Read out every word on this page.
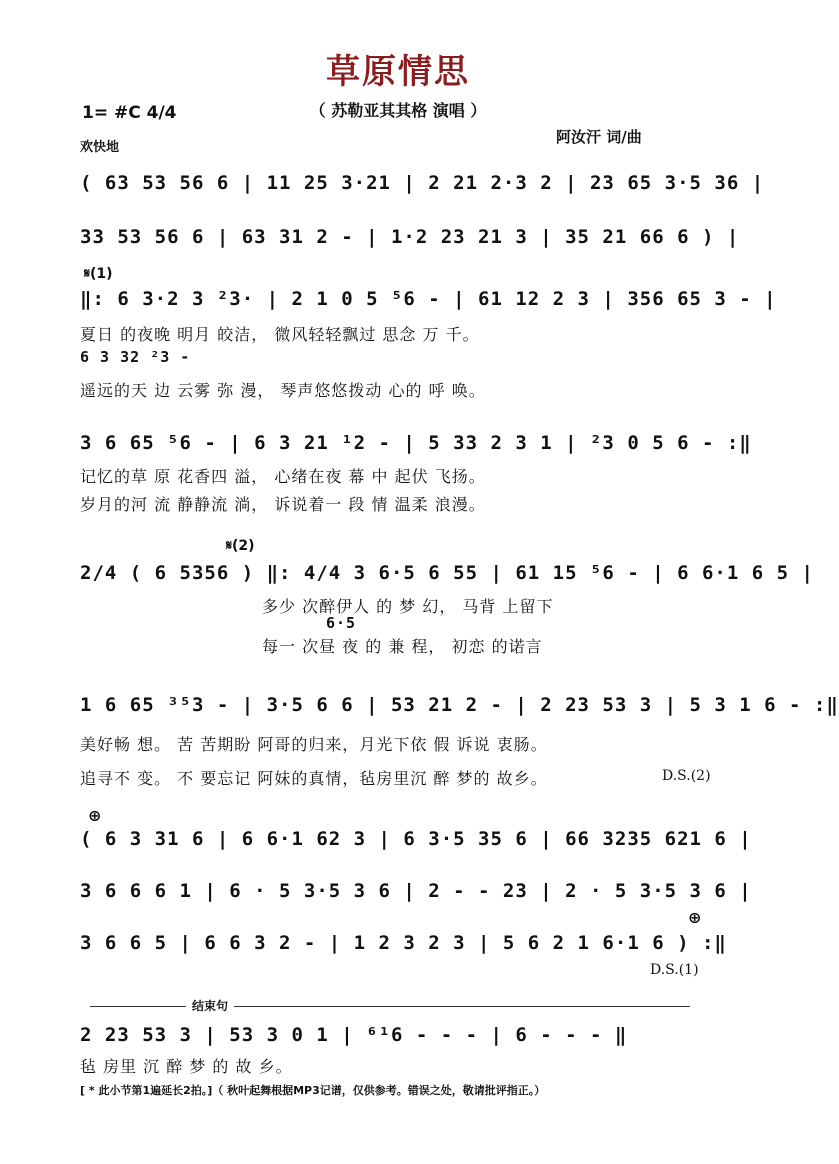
草原情思
（ 苏勒亚其其格 演唱 ）
1= #C 4/4
欢快地
阿汝汗 词/曲
( 63 53 56 6 | 11 25 3·21 | 2 21 2·3 2 | 23 65 3·5 36 |
33 53 56 6 | 63 31 2 - | 1·2 23 21 3 | 35 21 66 6 ) |
𝄋(1)
‖: 6 3·2 3 ²3· | 2 1 0 5 ⁵6 - | 61 12 2 3 | 356 65 3 - |
夏日 的夜晚 明月 皎洁， 微风轻轻飘过 思念 万 千。
6 3 32 ²3 -
遥远的天 边 云雾 弥 漫， 琴声悠悠拨动 心的 呼 唤。
3 6 65 ⁵6 - | 6 3 21 ¹2 - | 5 33 2 3 1 | ²3 0 5 6 - :‖
记忆的草 原 花香四 溢， 心绪在夜 幕 中 起伏 飞扬。
岁月的河 流 静静流 淌， 诉说着一 段 情 温柔 浪漫。
𝄋(2)
2/4 ( 6 5356 ) ‖: 4/4 3 6·5 6 55 | 61 15 ⁵6 - | 6 6·1 6 5 |
多少 次醉伊人 的 梦 幻， 马背 上留下
6·5
每一 次昼 夜 的 兼 程， 初恋 的诺言
1 6 65 ³⁵3 - | 3·5 6 6 | 53 21 2 - | 2 23 53 3 | 5 3 1 6 - :‖
美好畅 想。 苦 苦期盼 阿哥的归来，月光下依 假 诉说 衷肠。
追寻不 变。 不 要忘记 阿妹的真情，毡房里沉 醉 梦的 故乡。	D.S.(2)
⊕
( 6 3 31 6 | 6 6·1 62 3 | 6 3·5 35 6 | 66 3235 621 6 |
3 6 6 6 1 | 6 · 5 3·5 3 6 | 2 - - 23 | 2 · 5 3·5 3 6 |
⊕
3 6 6 5 | 6 6 3 2 - | 1 2 3 2 3 | 5 6 2 1 6·1 6 ) :‖
D.S.(1)
结束句
2 23 53 3 | 53 3 0 1 | ⁶¹6 - - - | 6 - - - ‖
毡 房里 沉 醉 梦 的 故 乡。
[ * 此小节第1遍延长2拍。]（ 秋叶起舞根据MP3记谱，仅供参考。错误之处，敬请批评指正。）
